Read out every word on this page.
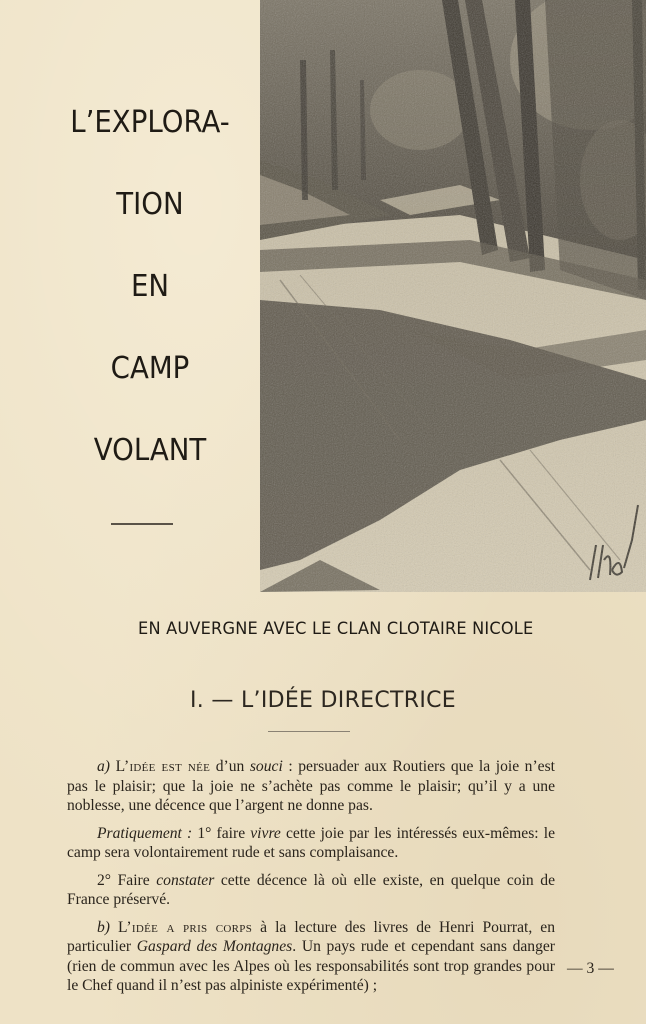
L’EXPLORA-
TION
EN
CAMP
VOLANT
EN AUVERGNE AVEC LE CLAN CLOTAIRE NICOLE
I. — L’IDÉE DIRECTRICE

a) L’idée est née d’un souci : persuader aux Routiers que la joie n’est pas le plaisir; que la joie ne s’achète pas comme le plaisir; qu’il y a une noblesse, une décence que l’argent ne donne pas.

Pratiquement : 1° faire vivre cette joie par les intéressés eux-mêmes: le camp sera volontairement rude et sans complaisance.

2° Faire constater cette décence là où elle existe, en quelque coin de France préservé.

b) L’idée a pris corps à la lecture des livres de Henri Pourrat, en particulier Gaspard des Montagnes. Un pays rude et cependant sans danger (rien de commun avec les Alpes où les responsabilités sont trop grandes pour le Chef quand il n’est pas alpiniste expérimenté) ;

— 3 —
